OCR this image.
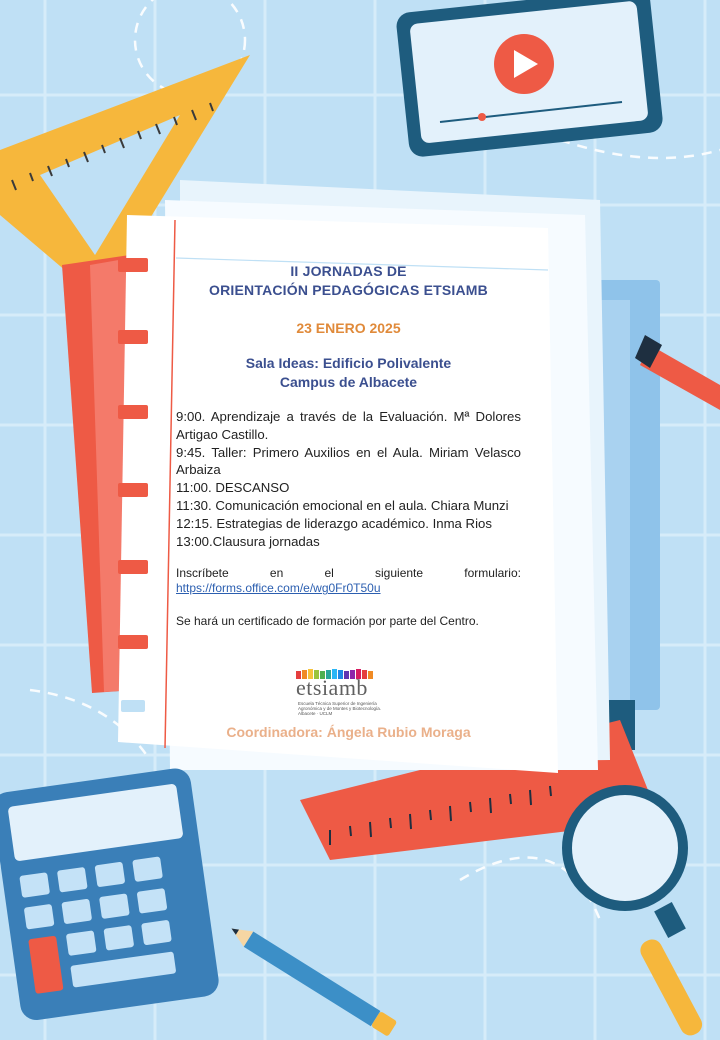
II JORNADAS DE
ORIENTACIÓN PEDAGÓGICAS ETSIAMB
23 ENERO 2025
Sala Ideas: Edificio Polivalente
Campus de Albacete
9:00. Aprendizaje a través de la Evaluación. Mª Dolores Artigao Castillo.
9:45. Taller: Primero Auxilios en el Aula. Miriam Velasco Arbaiza
11:00. DESCANSO
11:30. Comunicación emocional en el aula. Chiara Munzi
12:15. Estrategias de liderazgo académico. Inma Rios
13:00.Clausura jornadas
Inscríbete	en	el	siguiente	formulario:
https://forms.office.com/e/wg0Fr0T50u
Se hará un certificado de formación por parte del Centro.
etsiamb
Escuela Técnica Superior de Ingeniería Agronómica y de Montes y Biotecnología. Albacete · UCLM
Coordinadora: Ángela Rubio Moraga
